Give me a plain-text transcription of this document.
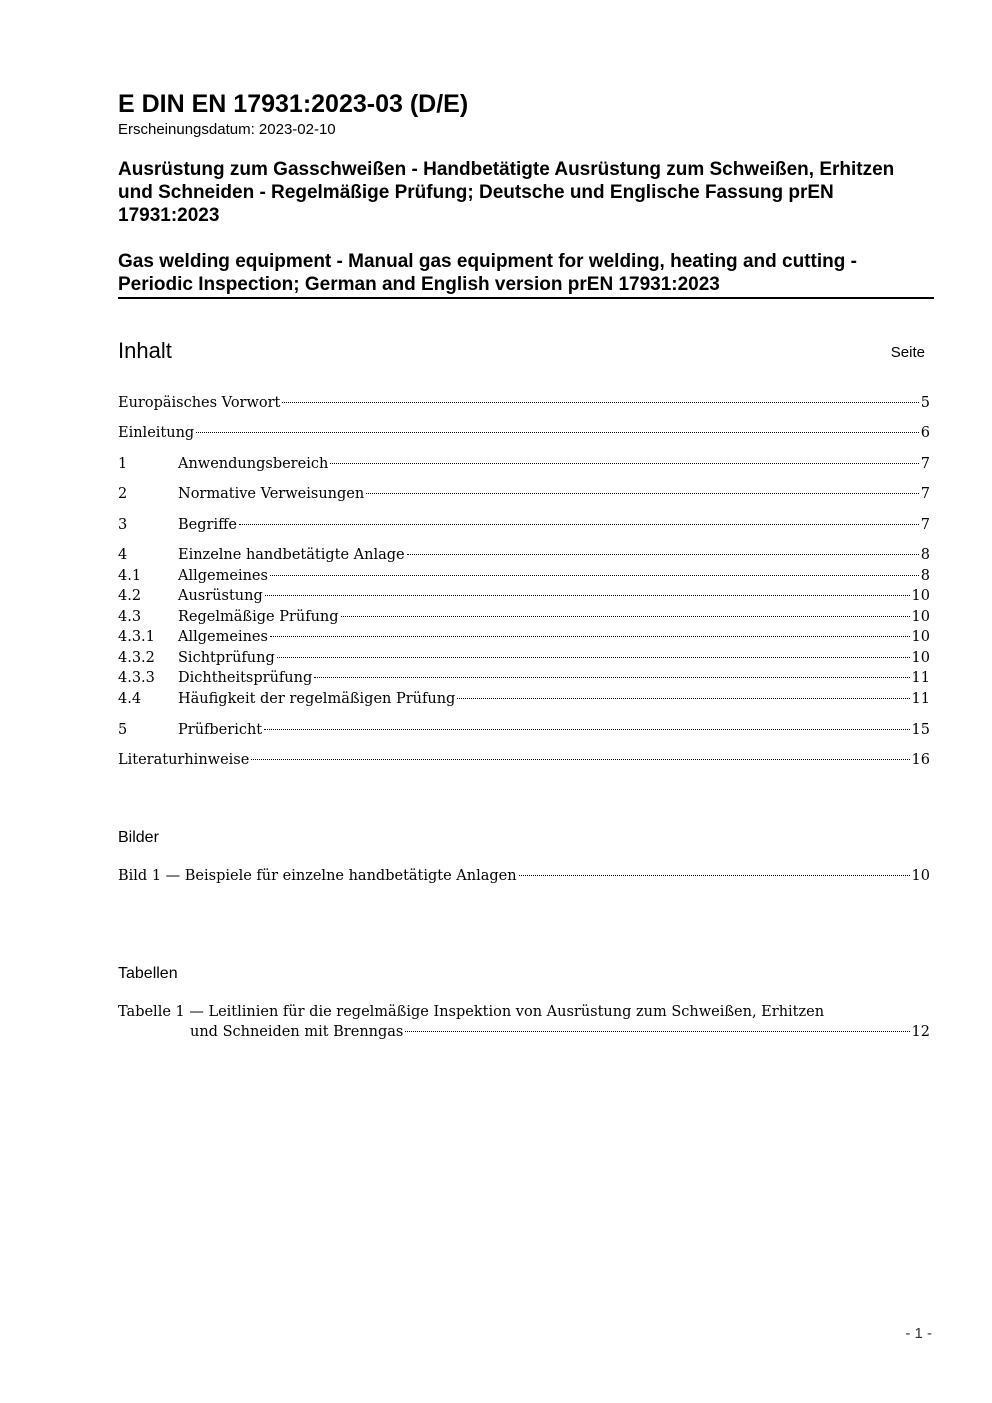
E DIN EN 17931:2023-03 (D/E)
Erscheinungsdatum: 2023-02-10
Ausrüstung zum Gasschweißen - Handbetätigte Ausrüstung zum Schweißen, Erhitzen und Schneiden - Regelmäßige Prüfung; Deutsche und Englische Fassung prEN 17931:2023
Gas welding equipment - Manual gas equipment for welding, heating and cutting - Periodic Inspection; German and English version prEN 17931:2023
Inhalt	Seite
Europäisches Vorwort	5
Einleitung	6
1	Anwendungsbereich	7
2	Normative Verweisungen	7
3	Begriffe	7
4	Einzelne handbetätigte Anlage	8
4.1	Allgemeines	8
4.2	Ausrüstung	10
4.3	Regelmäßige Prüfung	10
4.3.1	Allgemeines	10
4.3.2	Sichtprüfung	10
4.3.3	Dichtheitsprüfung	11
4.4	Häufigkeit der regelmäßigen Prüfung	11
5	Prüfbericht	15
Literaturhinweise	16
Bilder
Bild 1 — Beispiele für einzelne handbetätigte Anlagen	10
Tabellen
Tabelle 1 — Leitlinien für die regelmäßige Inspektion von Ausrüstung zum Schweißen, Erhitzen
und Schneiden mit Brenngas	12
- 1 -
